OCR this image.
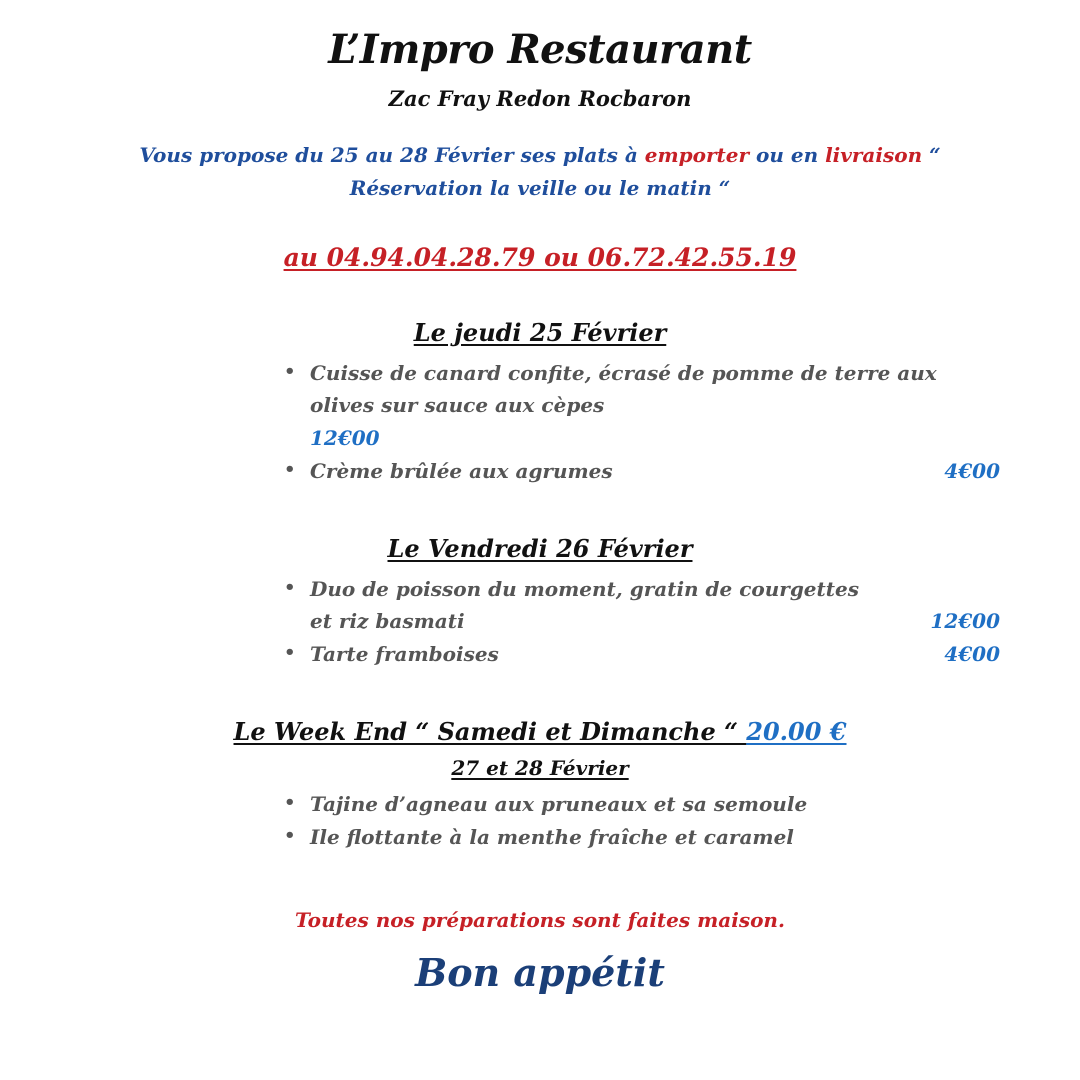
L’Impro Restaurant
Zac Fray Redon Rocbaron
Vous propose du 25 au 28 Février ses plats à emporter ou en livraison “
Réservation la veille ou le matin “
au 04.94.04.28.79 ou 06.72.42.55.19
Le jeudi 25 Février
• Cuisse de canard confite, écrasé de pomme de terre aux olives sur sauce aux cèpes
12€00
• Crème brûlée aux agrumes	4€00
Le Vendredi 26 Février
• Duo de poisson du moment, gratin de courgettes
et riz basmati	12€00
• Tarte framboises	4€00
Le Week End “ Samedi et Dimanche “ 20.00 €
27 et 28 Février
• Tajine d’agneau aux pruneaux et sa semoule
• Ile flottante à la menthe fraîche et caramel
Toutes nos préparations sont faites maison.
Bon appétit
